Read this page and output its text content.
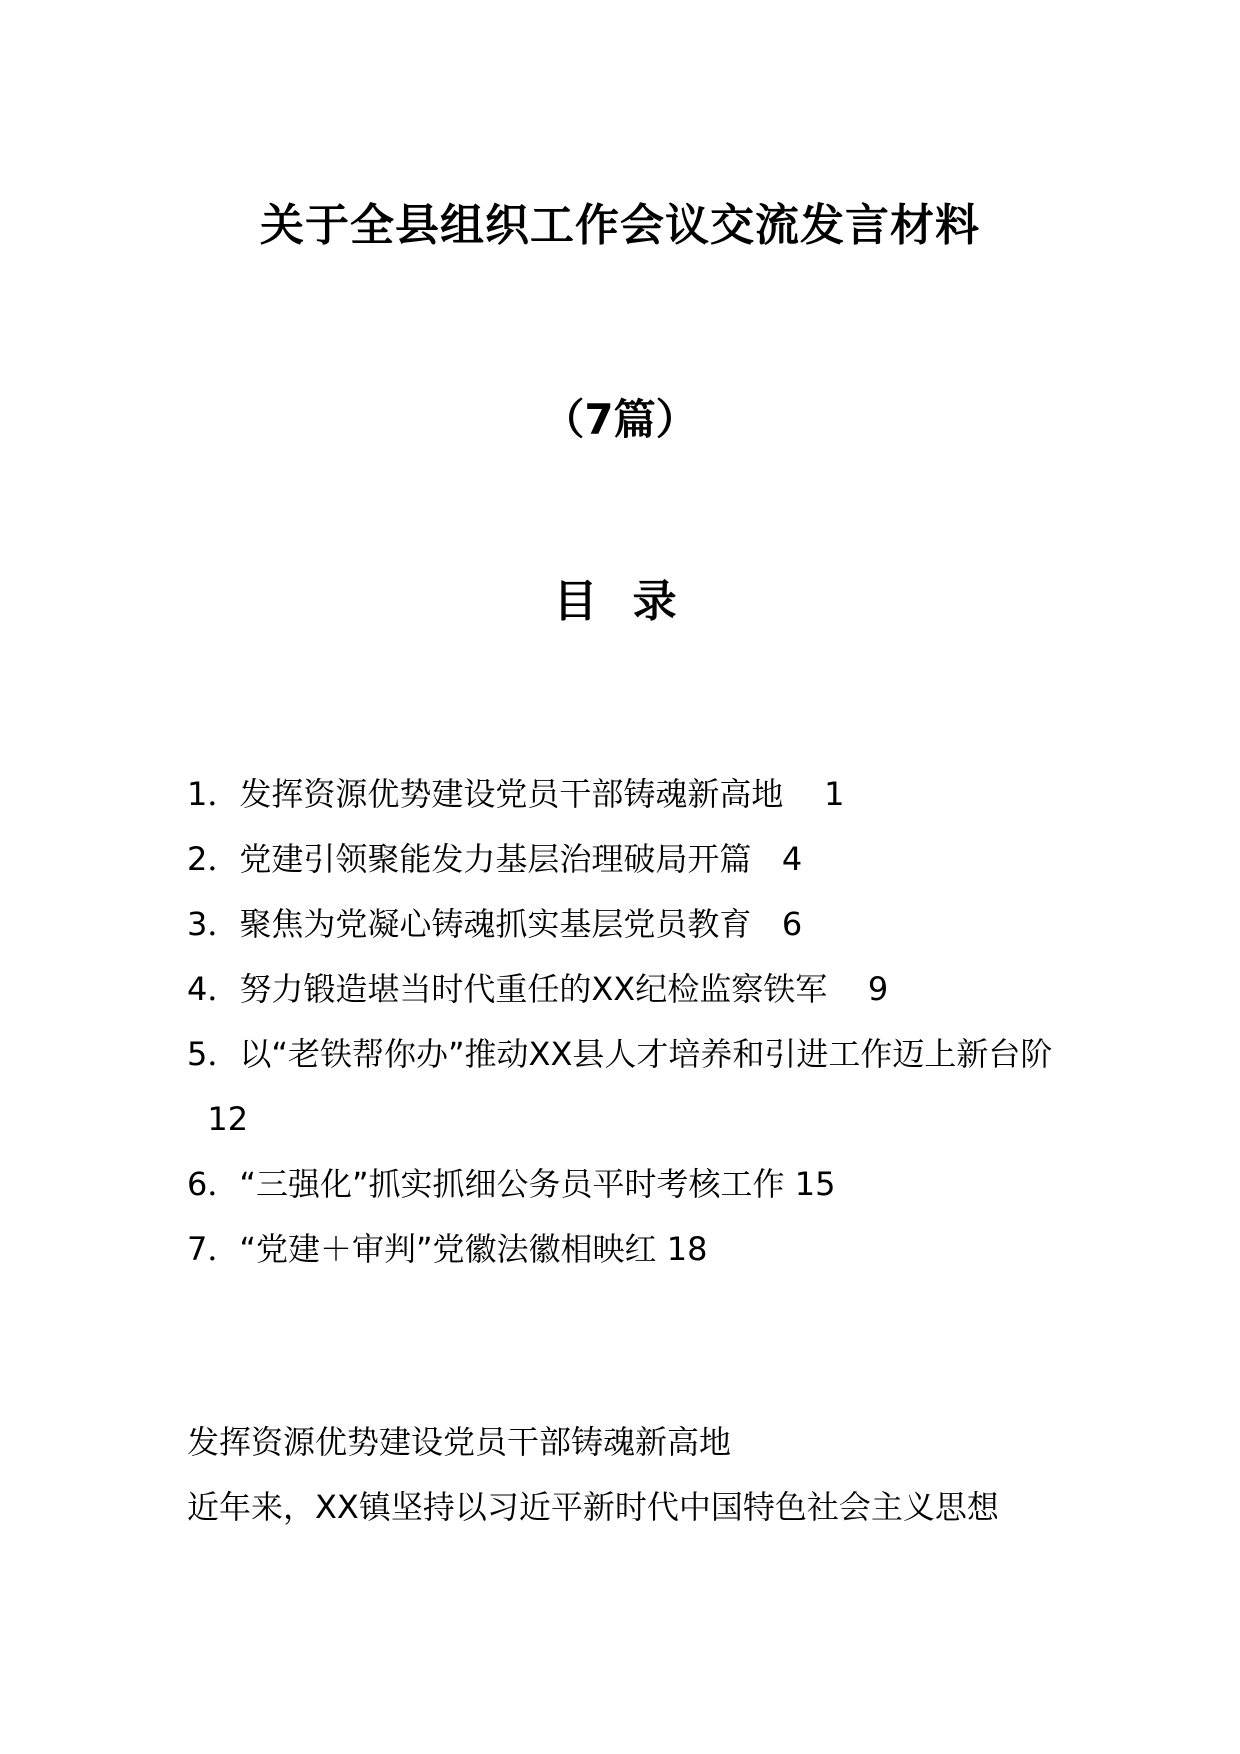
关于全县组织工作会议交流发言材料
（7篇）
目 录
1．发挥资源优势建设党员干部铸魂新高地 1
2．党建引领聚能发力基层治理破局开篇 4
3．聚焦为党凝心铸魂抓实基层党员教育 6
4．努力锻造堪当时代重任的XX纪检监察铁军 9
5．以“老铁帮你办”推动XX县人才培养和引进工作迈上新台阶  12
6．“三强化”抓实抓细公务员平时考核工作 15
7．“党建＋审判”党徽法徽相映红 18

发挥资源优势建设党员干部铸魂新高地

近年来，XX镇坚持以习近平新时代中国特色社会主义思想
